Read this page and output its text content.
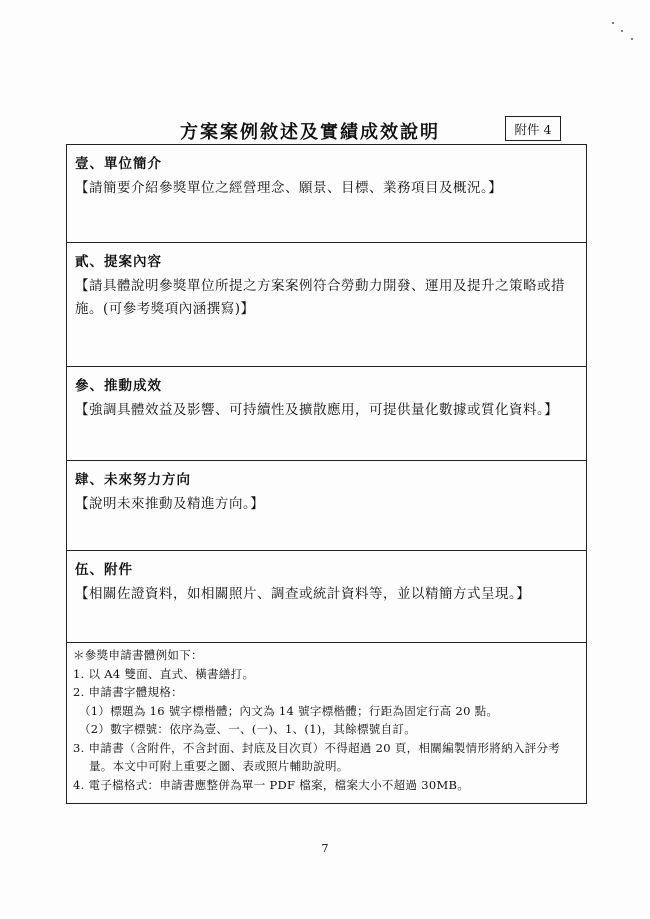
方案案例敘述及實績成效說明	附件 4
壹、單位簡介
【請簡要介紹參獎單位之經營理念、願景、目標、業務項目及概況。】
貳、提案內容
【請具體說明參獎單位所提之方案案例符合勞動力開發、運用及提升之策略或措施。(可參考獎項內涵撰寫)】
參、推動成效
【強調具體效益及影響、可持續性及擴散應用，可提供量化數據或質化資料。】
肆、未來努力方向
【說明未來推動及精進方向。】
伍、附件
【相關佐證資料，如相關照片、調查或統計資料等，並以精簡方式呈現。】
＊參獎申請書體例如下：
1. 以 A4 雙面、直式、橫書繕打。
2. 申請書字體規格：
（1）標題為 16 號字標楷體；內文為 14 號字標楷體；行距為固定行高 20 點。
（2）數字標號：依序為壹、一、(一)、1、(1)，其餘標號自訂。
3. 申請書（含附件，不含封面、封底及目次頁）不得超過 20 頁，相關編製情形將納入評分考
量。本文中可附上重要之圖、表或照片輔助說明。
4. 電子檔格式：申請書應整併為單一 PDF 檔案，檔案大小不超過 30MB。
7
